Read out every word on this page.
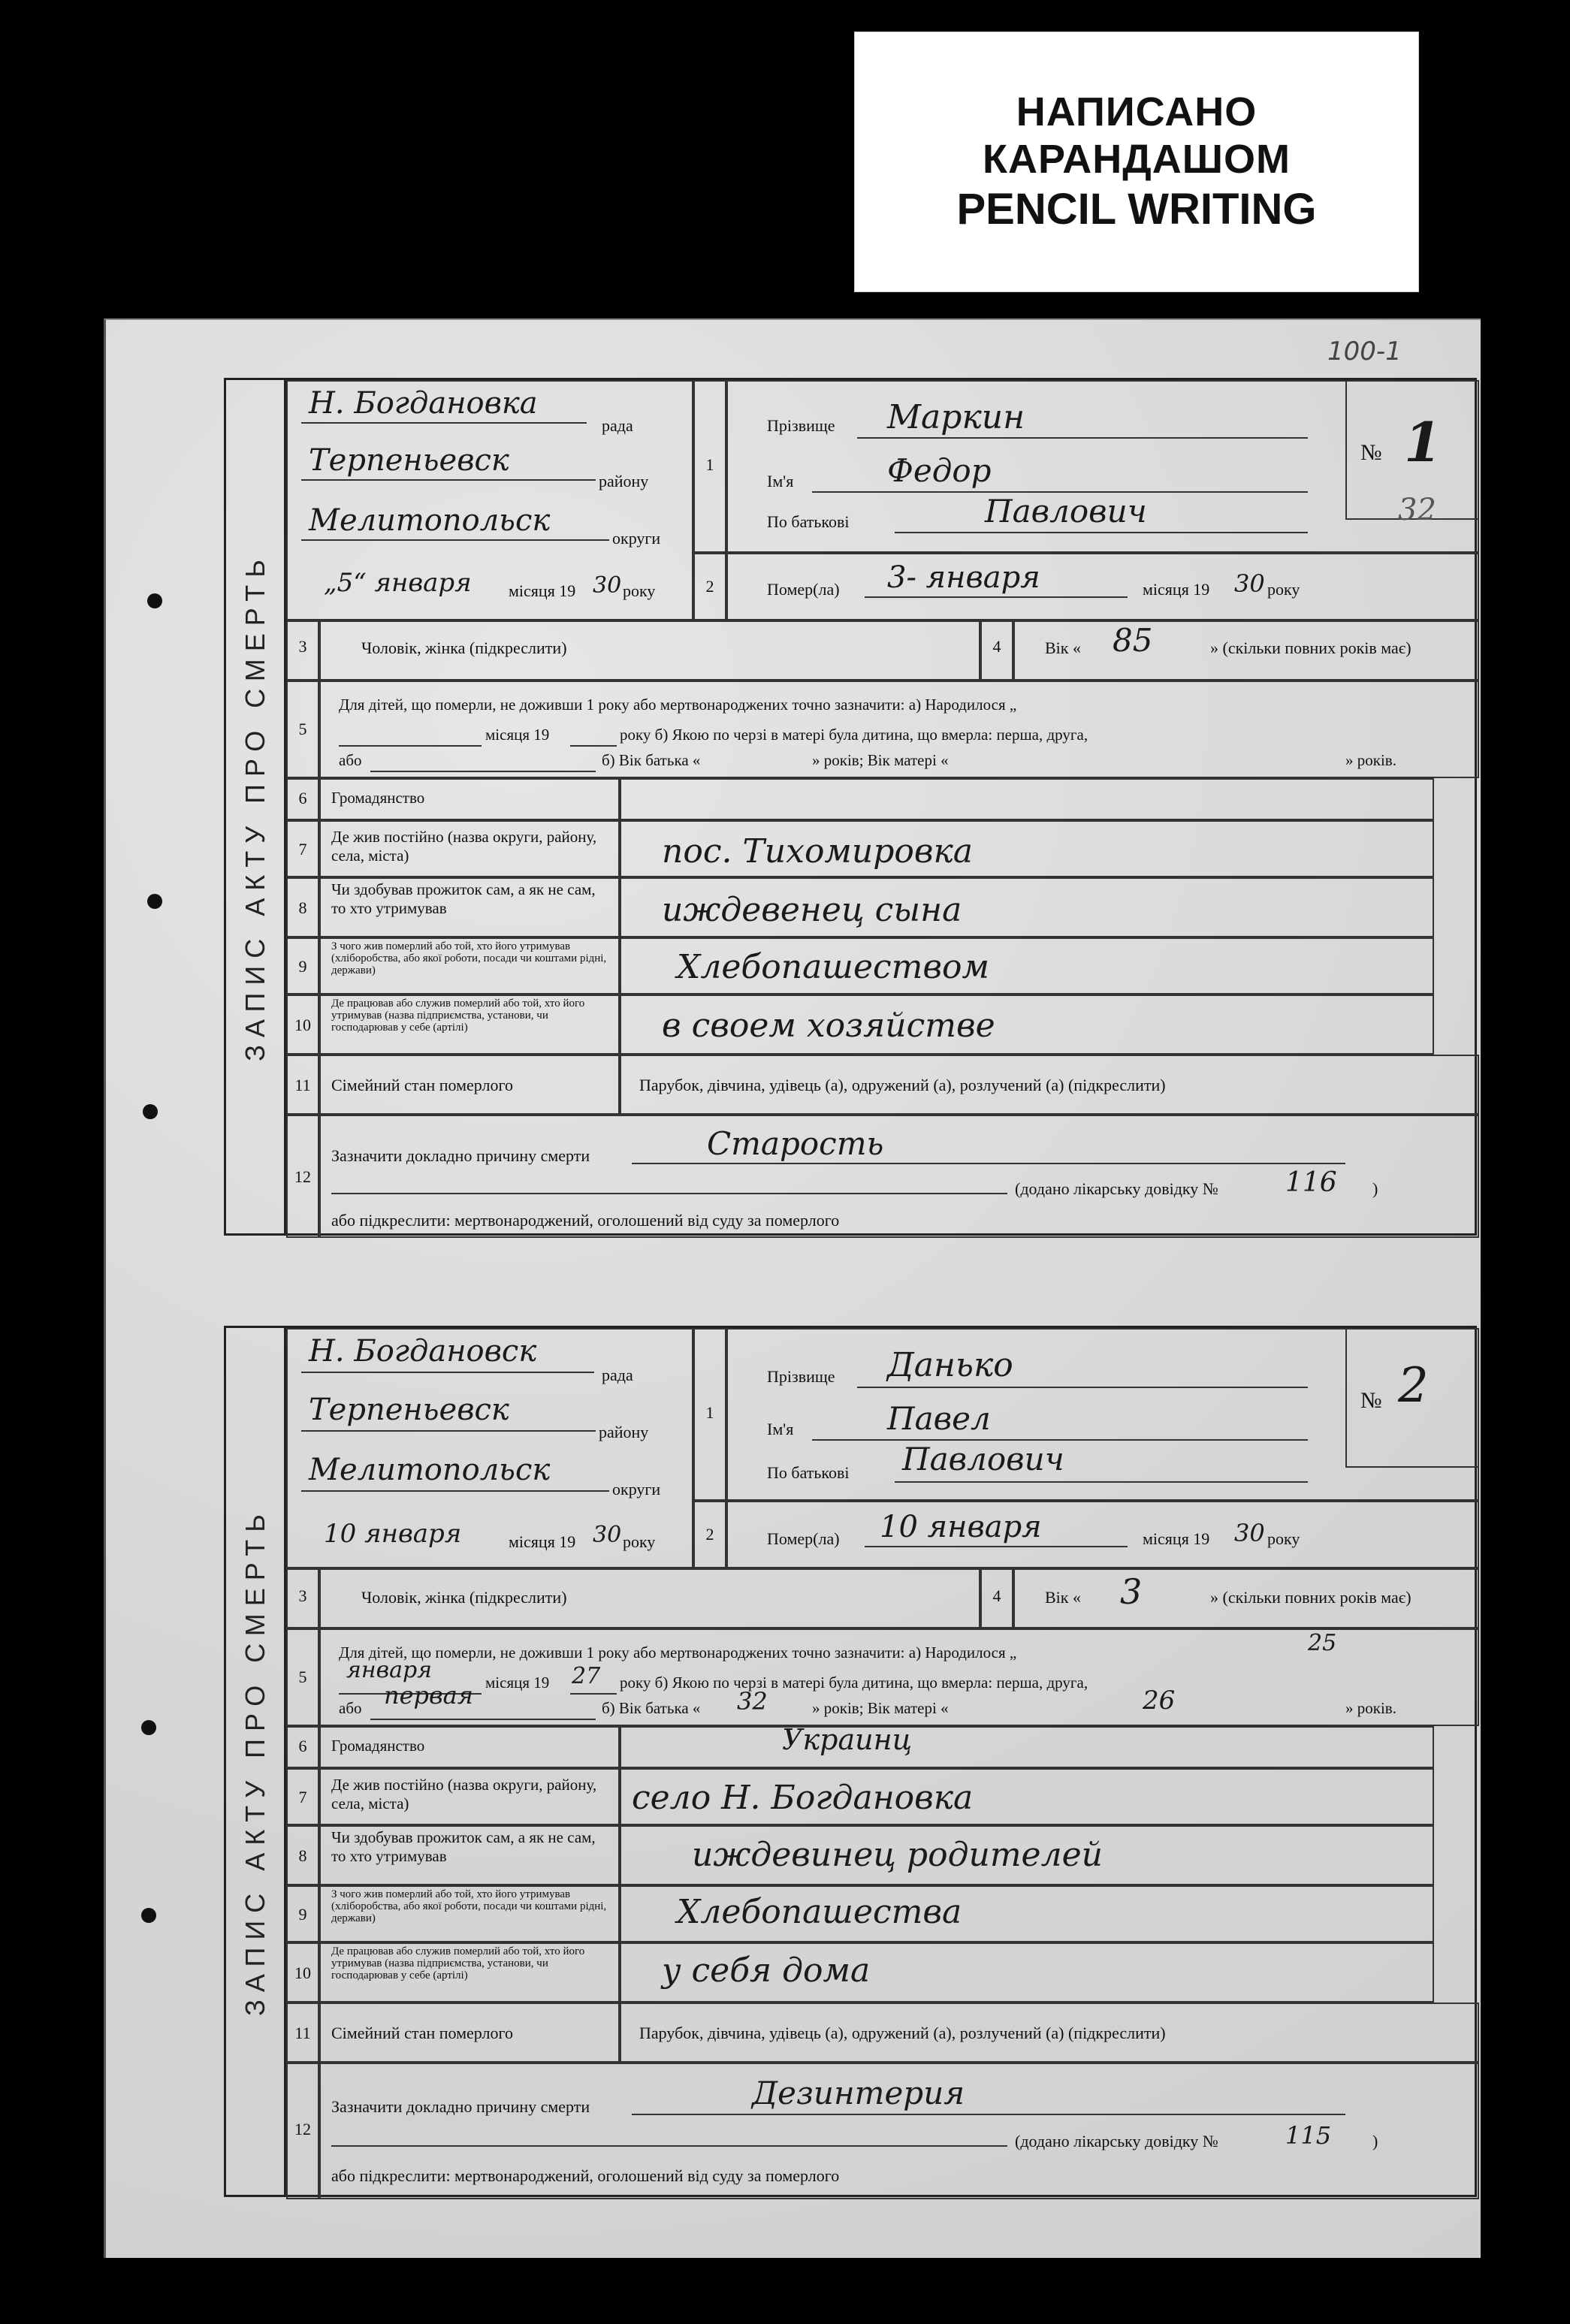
НАПИСАНО
КАРАНДАШОМ
PENCIL WRITING
100-1
ЗАПИС АКТУ ПРО СМЕРТЬ
Н. Богдановка
рада
Терпеньевск
району
Мелитопольск
округи
„5“ января місяця 19 30 року
1
2
Прізвище Маркин
Ім'я	Федор
По батькові	Павлович
№ 1
32
Помер(ла) 3- января	місяця 19 30 року
3	Чоловік, жінка (підкреслити)	4	Вік « 85	» (скільки повних років має)
5
Для дітей, що померли, не доживши 1 року або мертвонароджених точно зазначити: а) Народилося „
місяця 19	року б) Якою по черзі в матері була дитина, що вмерла: перша, друга,
або	б) Вік батька «	» років; Вік матері «	» років.
6	Громадянство
7
Де жив постійно (назва округи, району, села, міста)	пос. Тихомировка
8
Чи здобував прожиток сам, а як не сам, то хто утримував	иждевенец сына
9
З чого жив померлий або той, хто його утримував (хліборобства, або якої роботи, посади чи коштами рідні, держави)	Хлебопашеством
10
Де працював або служив померлий або той, хто його утримував (назва підприємства, установи, чи господарював у себе (артілі)	в своем хозяйстве
11	Сімейний стан померлого	Парубок, дівчина, удівець (а), одружений (а), розлучений (а) (підкреслити)
12
Зазначити докладно причину смерти	Старость
(додано лікарську довідку № 116 )
або підкреслити: мертвонароджений, оголошений від суду за померлого
ЗАПИС АКТУ ПРО СМЕРТЬ
Н. Богдановск
рада
Терпеньевск
району
Мелитопольск
округи
10 января	місяця 19 30 року
1
2
Прізвище Данько
Ім'я	Павел
По батькові Павлович
№ 2
Помер(ла) 10 января	місяця 19 30 року
3	Чоловік, жінка (підкреслити)	4	Вік « 3	» (скільки повних років має)
5
Для дітей, що померли, не доживши 1 року або мертвонароджених точно зазначити: а) Народилося „	25
января	місяця 19 27 року б) Якою по черзі в матері була дитина, що вмерла: перша, друга,
або первая	б) Вік батька « 32	» років; Вік матері «	26	» років.
6	Громадянство	Украинц
7
Де жив постійно (назва округи, району, села, міста)	село Н. Богдановка
8
Чи здобував прожиток сам, а як не сам, то хто утримував	иждевинец родителей
9
З чого жив померлий або той, хто його утримував (хліборобства, або якої роботи, посади чи коштами рідні, держави)	Хлебопашества
10
Де працював або служив померлий або той, хто його утримував (назва підприємства, установи, чи господарював у себе (артілі)	у себя дома
11	Сімейний стан померлого	Парубок, дівчина, удівець (а), одружений (а), розлучений (а) (підкреслити)
12
Зазначити докладно причину смерти	Дезинтерия
(додано лікарську довідку №	115 )
або підкреслити: мертвонароджений, оголошений від суду за померлого
